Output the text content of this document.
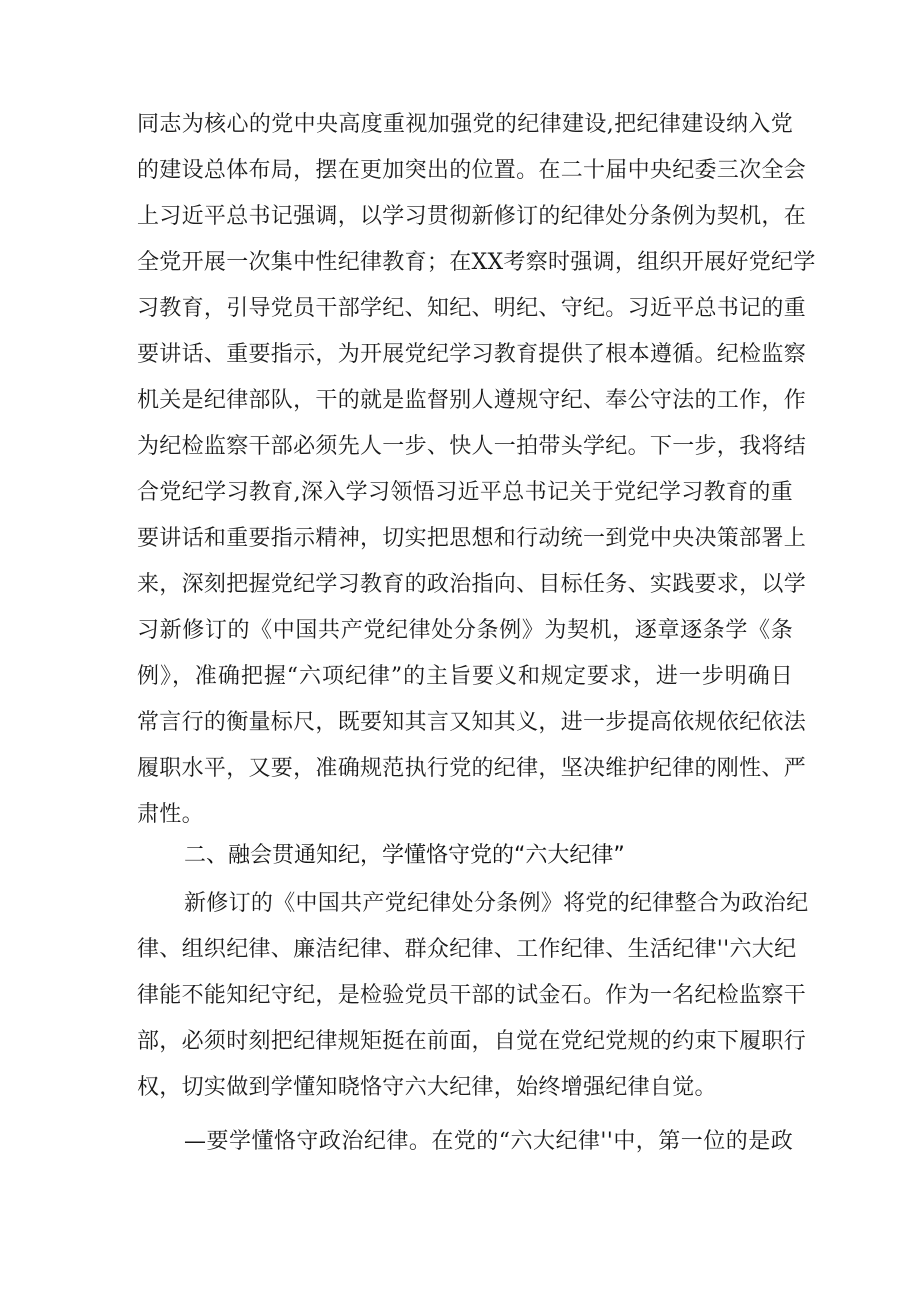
同志为核心的党中央高度重视加强党的纪律建设,把纪律建设纳入党
的建设总体布局，摆在更加突出的位置。在二十届中央纪委三次全会
上习近平总书记强调，以学习贯彻新修订的纪律处分条例为契机，在
全党开展一次集中性纪律教育；在XX考察时强调，组织开展好党纪学
习教育，引导党员干部学纪、知纪、明纪、守纪。习近平总书记的重
要讲话、重要指示，为开展党纪学习教育提供了根本遵循。纪检监察
机关是纪律部队，干的就是监督别人遵规守纪、奉公守法的工作，作
为纪检监察干部必须先人一步、快人一拍带头学纪。下一步，我将结
合党纪学习教育,深入学习领悟习近平总书记关于党纪学习教育的重
要讲话和重要指示精神，切实把思想和行动统一到党中央决策部署上
来，深刻把握党纪学习教育的政治指向、目标任务、实践要求，以学
习新修订的《中国共产党纪律处分条例》为契机，逐章逐条学《条
例》，准确把握“六项纪律”的主旨要义和规定要求，进一步明确日
常言行的衡量标尺，既要知其言又知其义，进一步提高依规依纪依法
履职水平，又要，准确规范执行党的纪律，坚决维护纪律的刚性、严
肃性。
二、融会贯通知纪，学懂恪守党的“六大纪律”
新修订的《中国共产党纪律处分条例》将党的纪律整合为政治纪
律、组织纪律、廉洁纪律、群众纪律、工作纪律、生活纪律''六大纪
律能不能知纪守纪，是检验党员干部的试金石。作为一名纪检监察干
部，必须时刻把纪律规矩挺在前面，自觉在党纪党规的约束下履职行
权，切实做到学懂知晓恪守六大纪律，始终增强纪律自觉。
—要学懂恪守政治纪律。在党的“六大纪律''中，第一位的是政
